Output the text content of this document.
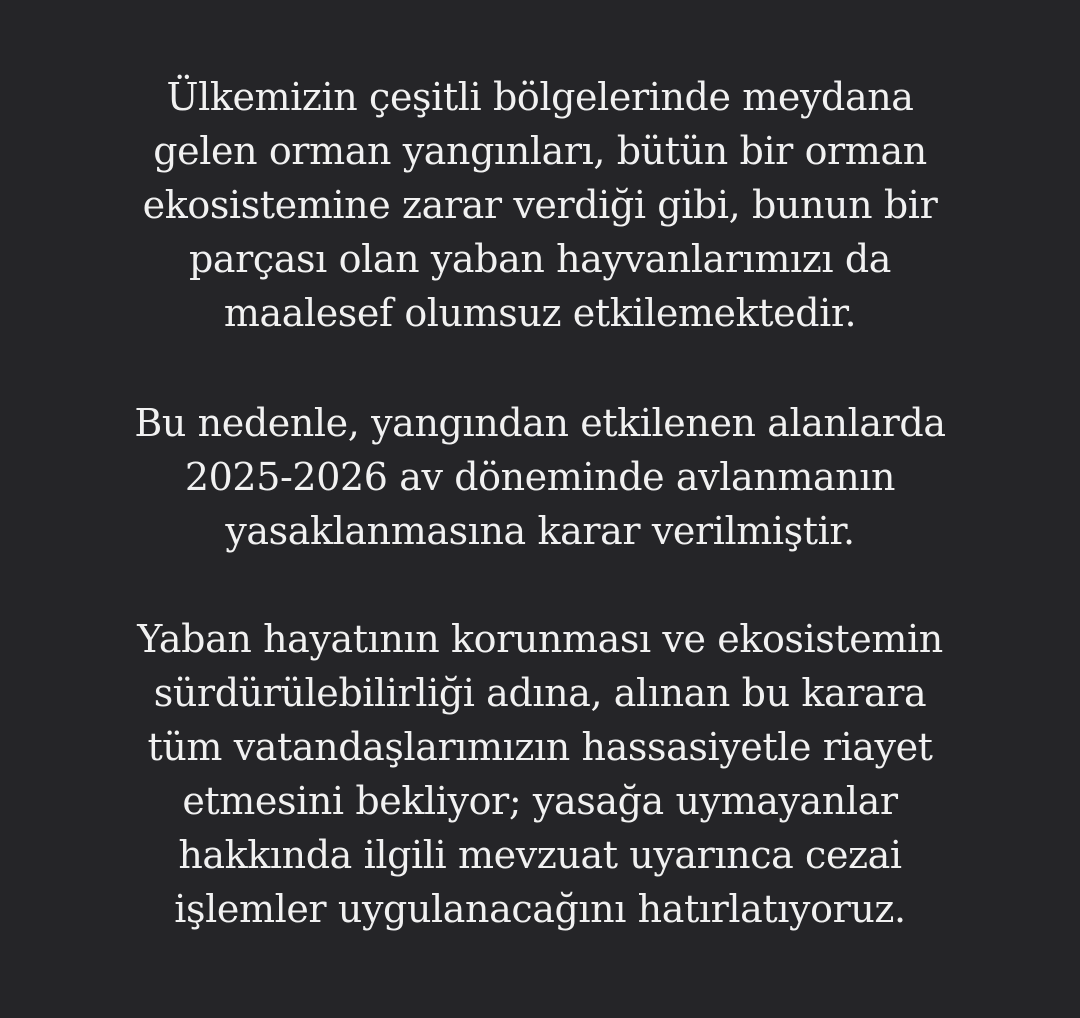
Ülkemizin çeşitli bölgelerinde meydana
gelen orman yangınları, bütün bir orman
ekosistemine zarar verdiği gibi, bunun bir
parçası olan yaban hayvanlarımızı da
maalesef olumsuz etkilemektedir.
Bu nedenle, yangından etkilenen alanlarda
2025-2026 av döneminde avlanmanın
yasaklanmasına karar verilmiştir.
Yaban hayatının korunması ve ekosistemin
sürdürülebilirliği adına, alınan bu karara
tüm vatandaşlarımızın hassasiyetle riayet
etmesini bekliyor; yasağa uymayanlar
hakkında ilgili mevzuat uyarınca cezai
işlemler uygulanacağını hatırlatıyoruz.
